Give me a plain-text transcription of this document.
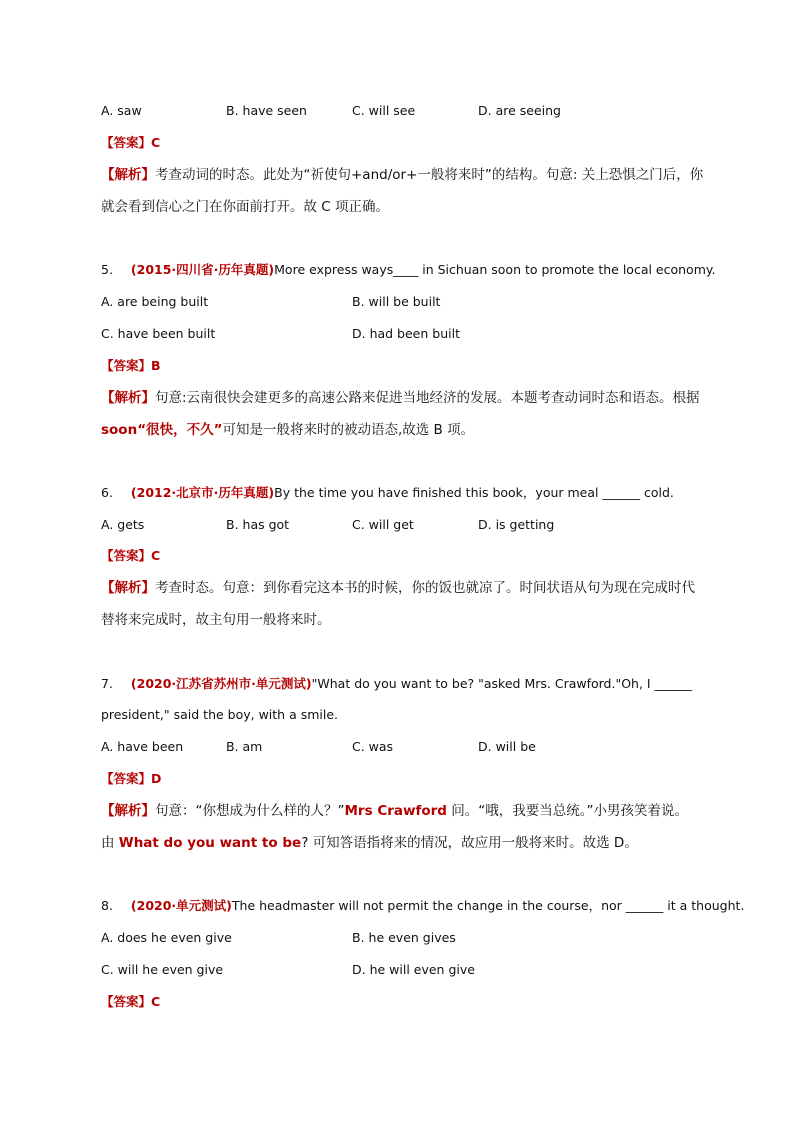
A. saw	B. have seen	C. will see	D. are seeing
【答案】C
【解析】考查动词的时态。此处为“祈使句+and/or+一般将来时”的结构。句意: 关上恐惧之门后，你
就会看到信心之门在你面前打开。故 C 项正确。
5. (2015·四川省·历年真题)More express ways____ in Sichuan soon to promote the local economy.
A. are being built	B. will be built
C. have been built	D. had been built
【答案】B
【解析】句意:云南很快会建更多的高速公路来促进当地经济的发展。本题考查动词时态和语态。根据
soon“很快，不久”可知是一般将来时的被动语态,故选 B 项。
6. (2012·北京市·历年真题)By the time you have finished this book，your meal ______ cold.
A. gets	B. has got	C. will get	D. is getting
【答案】C
【解析】考查时态。句意：到你看完这本书的时候，你的饭也就凉了。时间状语从句为现在完成时代
替将来完成时，故主句用一般将来时。
7. (2020·江苏省苏州市·单元测试)"What do you want to be? "asked Mrs. Crawford."Oh, I ______
president," said the boy, with a smile.
A. have been	B. am	C. was	D. will be
【答案】D
【解析】句意：“你想成为什么样的人？”Mrs Crawford 问。“哦，我要当总统。”小男孩笑着说。
由 What do you want to be? 可知答语指将来的情况，故应用一般将来时。故选 D。
8. (2020·单元测试)The headmaster will not permit the change in the course，nor ______ it a thought.
A. does he even give	B. he even gives
C. will he even give	D. he will even give
【答案】C
